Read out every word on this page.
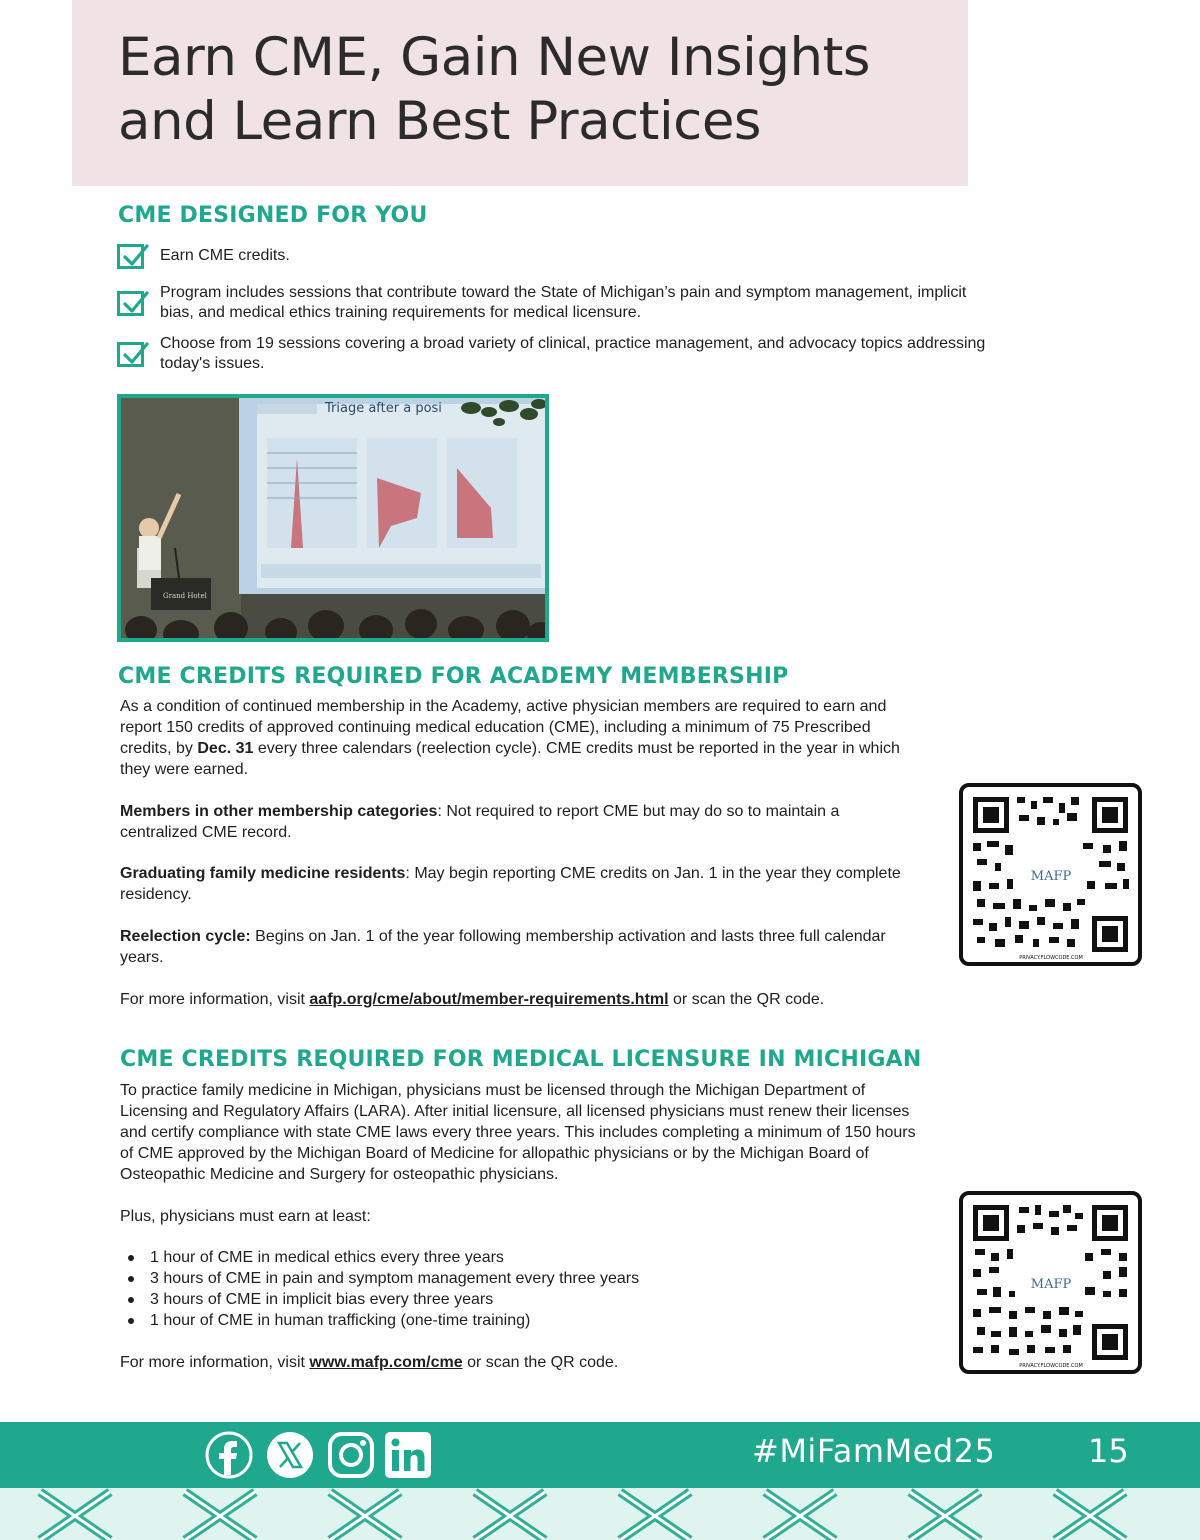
Earn CME, Gain New Insights
and Learn Best Practices
CME DESIGNED FOR YOU
Earn CME credits.
Program includes sessions that contribute toward the State of Michigan’s pain and symptom management, implicit bias, and medical ethics training requirements for medical licensure.
Choose from 19 sessions covering a broad variety of clinical, practice management, and advocacy topics addressing today's issues.
Triage after a posi
Grand Hotel
CME CREDITS REQUIRED FOR ACADEMY MEMBERSHIP
As a condition of continued membership in the Academy, active physician members are required to earn and report 150 credits of approved continuing medical education (CME), including a minimum of 75 Prescribed credits, by Dec. 31 every three calendars (reelection cycle). CME credits must be reported in the year in which they were earned.
Members in other membership categories: Not required to report CME but may do so to maintain a centralized CME record.
Graduating family medicine residents: May begin reporting CME credits on Jan. 1 in the year they complete residency.
Reelection cycle: Begins on Jan. 1 of the year following membership activation and lasts three full calendar years.
For more information, visit aafp.org/cme/about/member-requirements.html or scan the QR code.
MAFP
PRIVACY.FLOWCODE.COM
CME CREDITS REQUIRED FOR MEDICAL LICENSURE IN MICHIGAN
To practice family medicine in Michigan, physicians must be licensed through the Michigan Department of Licensing and Regulatory Affairs (LARA). After initial licensure, all licensed physicians must renew their licenses and certify compliance with state CME laws every three years. This includes completing a minimum of 150 hours of CME approved by the Michigan Board of Medicine for allopathic physicians or by the Michigan Board of Osteopathic Medicine and Surgery for osteopathic physicians.
Plus, physicians must earn at least:
1 hour of CME in medical ethics every three years
3 hours of CME in pain and symptom management every three years
3 hours of CME in implicit bias every three years
1 hour of CME in human trafficking (one-time training)
For more information, visit www.mafp.com/cme or scan the QR code.
MAFP
PRIVACY.FLOWCODE.COM
#MiFamMed25	15
